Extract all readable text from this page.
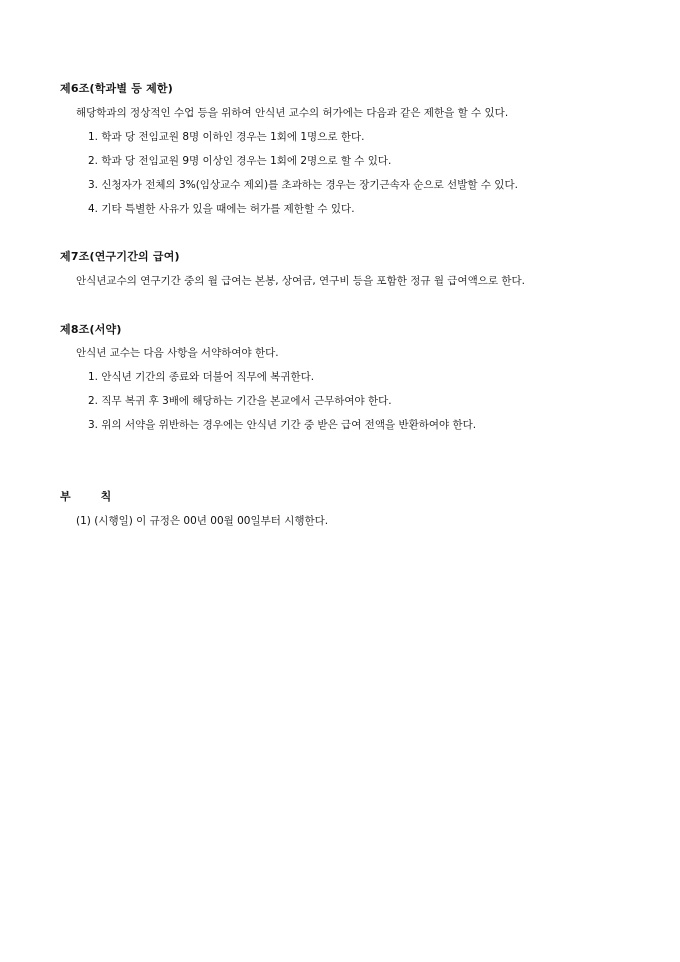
제6조(학과별 등 제한)
해당학과의 정상적인 수업 등을 위하여 안식년 교수의 허가에는 다음과 같은 제한을 할 수 있다.
1. 학과 당 전임교원 8명 이하인 경우는 1회에 1명으로 한다.
2. 학과 당 전임교원 9명 이상인 경우는 1회에 2명으로 할 수 있다.
3. 신청자가 전체의 3%(임상교수 제외)를 초과하는 경우는 장기근속자 순으로 선발할 수 있다.
4. 기타 특별한 사유가 있을 때에는 허가를 제한할 수 있다.
제7조(연구기간의 급여)
안식년교수의 연구기간 중의 월 급여는 본봉, 상여금, 연구비 등을 포함한 정규 월 급여액으로 한다.
제8조(서약)
안식년 교수는 다음 사항을 서약하여야 한다.
1. 안식년 기간의 종료와 더불어 직무에 복귀한다.
2. 직무 복귀 후 3배에 해당하는 기간을 본교에서 근무하여야 한다.
3. 위의 서약을 위반하는 경우에는 안식년 기간 중 받은 급여 전액을 반환하여야 한다.
부	칙
(1) (시행일) 이 규정은 00년 00월 00일부터 시행한다.
